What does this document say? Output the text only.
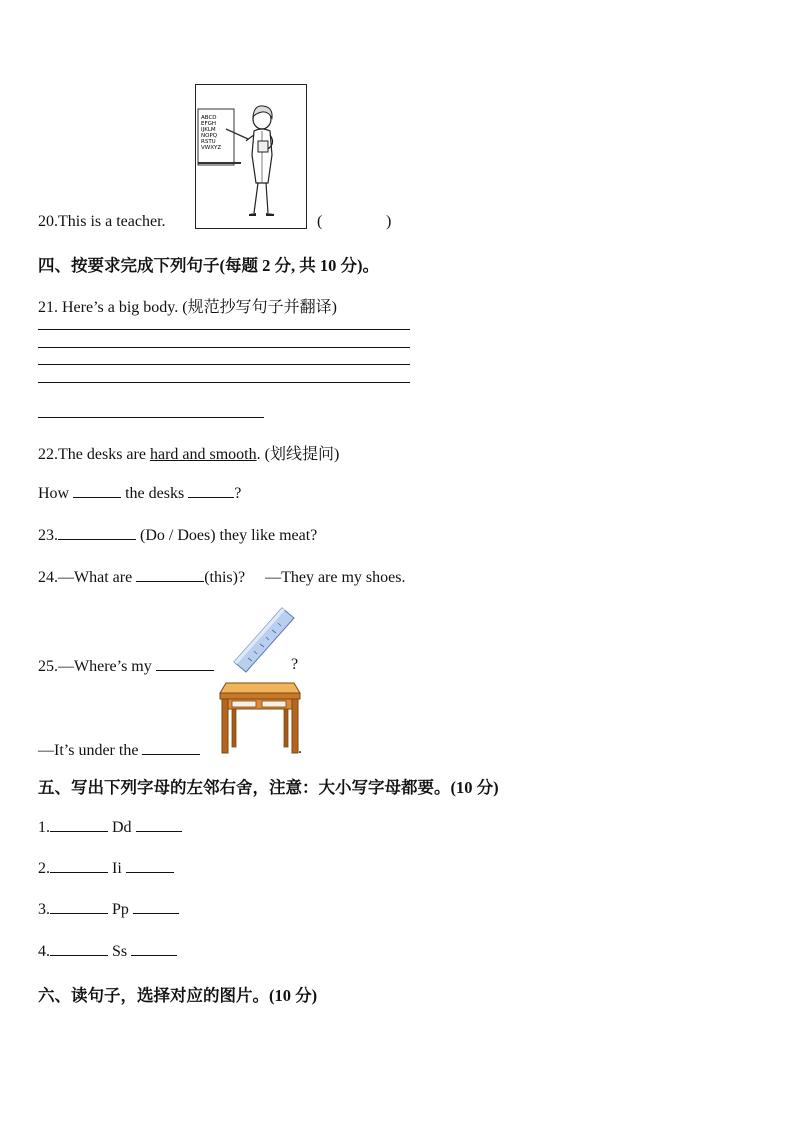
20.This is a teacher.
ABCD
EFGH
IJKLM
NOPQ
RSTU
VWXYZ
(	)
四、按要求完成下列句子(每题 2 分, 共 10 分)。
21. Here’s a big body. (规范抄写句子并翻译)
22.The desks are hard and smooth. (划线提问)
How	the desks	?
23.	(Do / Does) they like meat?
24.—What are	(this)? —They are my shoes.
25.—Where’s my	?
—It’s under the	.
五、写出下列字母的左邻右舍，注意：大小写字母都要。(10 分)
1.	Dd
2.	Ii
3.	Pp
4.	Ss
六、读句子，选择对应的图片。(10 分)
